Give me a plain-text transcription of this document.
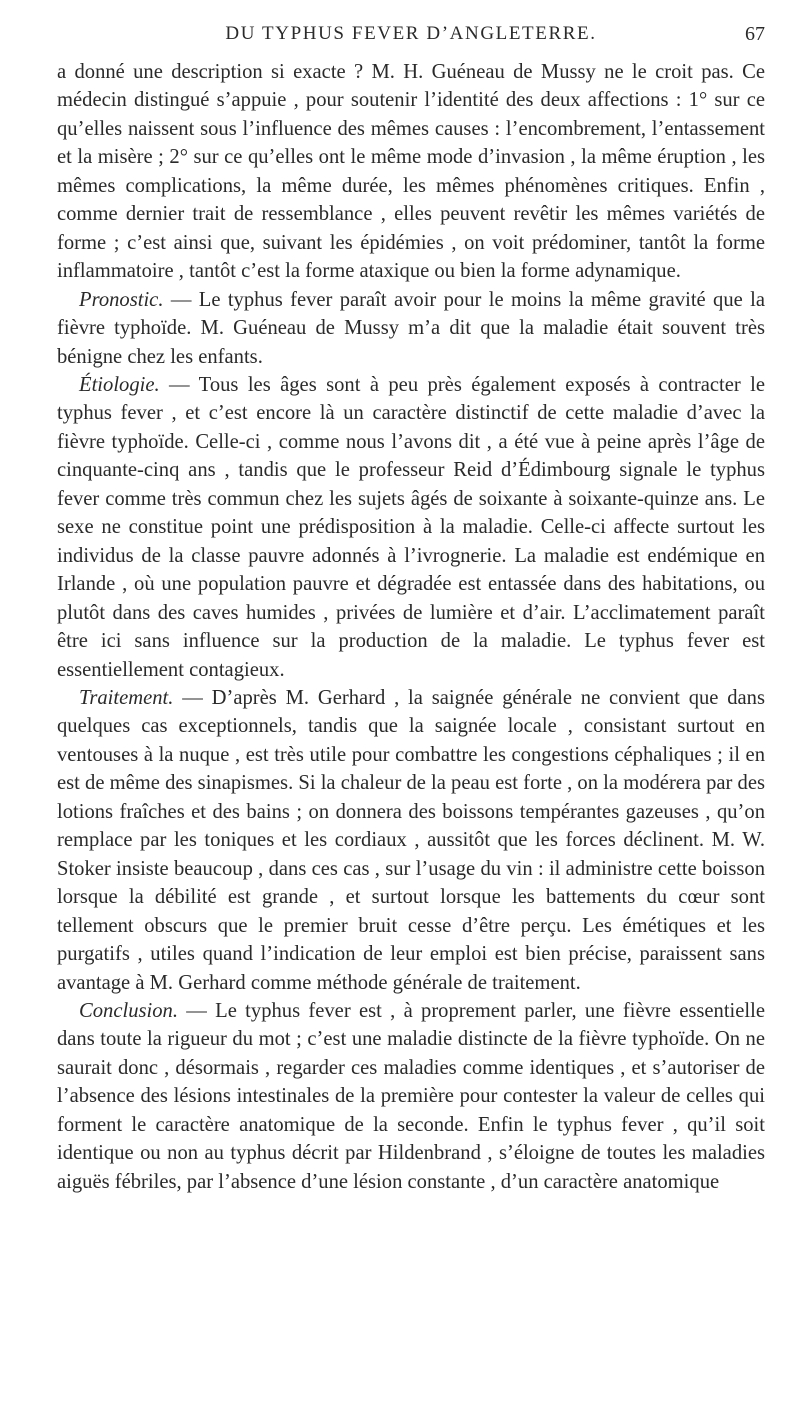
DU TYPHUS FEVER D’ANGLETERRE.	67

a donné une description si exacte ? M. H. Guéneau de Mussy ne le croit pas. Ce médecin distingué s’appuie , pour soutenir l’identité des deux affections : 1° sur ce qu’elles naissent sous l’influence des mêmes causes : l’encombrement, l’entassement et la misère ; 2° sur ce qu’elles ont le même mode d’invasion , la même éruption , les mêmes complications, la même durée, les mêmes phénomènes critiques. Enfin , comme dernier trait de ressemblance , elles peuvent revêtir les mêmes variétés de forme ; c’est ainsi que, suivant les épidémies , on voit prédominer, tantôt la forme inflammatoire , tantôt c’est la forme ataxique ou bien la forme adynamique.

Pronostic. — Le typhus fever paraît avoir pour le moins la même gravité que la fièvre typhoïde. M. Guéneau de Mussy m’a dit que la maladie était souvent très bénigne chez les enfants.

Étiologie. — Tous les âges sont à peu près également exposés à contracter le typhus fever , et c’est encore là un caractère distinctif de cette maladie d’avec la fièvre typhoïde. Celle-ci , comme nous l’avons dit , a été vue à peine après l’âge de cinquante-cinq ans , tandis que le professeur Reid d’Édimbourg signale le typhus fever comme très commun chez les sujets âgés de soixante à soixante-quinze ans. Le sexe ne constitue point une prédisposition à la maladie. Celle-ci affecte surtout les individus de la classe pauvre adonnés à l’ivrognerie. La maladie est endémique en Irlande , où une population pauvre et dégradée est entassée dans des habitations, ou plutôt dans des caves humides , privées de lumière et d’air. L’acclimatement paraît être ici sans influence sur la production de la maladie. Le typhus fever est essentiellement contagieux.

Traitement. — D’après M. Gerhard , la saignée générale ne convient que dans quelques cas exceptionnels, tandis que la saignée locale , consistant surtout en ventouses à la nuque , est très utile pour combattre les congestions céphaliques ; il en est de même des sinapismes. Si la chaleur de la peau est forte , on la modérera par des lotions fraîches et des bains ; on donnera des boissons tempérantes gazeuses , qu’on remplace par les toniques et les cordiaux , aussitôt que les forces déclinent. M. W. Stoker insiste beaucoup , dans ces cas , sur l’usage du vin : il administre cette boisson lorsque la débilité est grande , et surtout lorsque les battements du cœur sont tellement obscurs que le premier bruit cesse d’être perçu. Les émétiques et les purgatifs , utiles quand l’indication de leur emploi est bien précise, paraissent sans avantage à M. Gerhard comme méthode générale de traitement.

Conclusion. — Le typhus fever est , à proprement parler, une fièvre essentielle dans toute la rigueur du mot ; c’est une maladie distincte de la fièvre typhoïde. On ne saurait donc , désormais , regarder ces maladies comme identiques , et s’autoriser de l’absence des lésions intestinales de la première pour contester la valeur de celles qui forment le caractère anatomique de la seconde. Enfin le typhus fever , qu’il soit identique ou non au typhus décrit par Hildenbrand , s’éloigne de toutes les maladies aiguës fébriles, par l’absence d’une lésion constante , d’un caractère anatomique
